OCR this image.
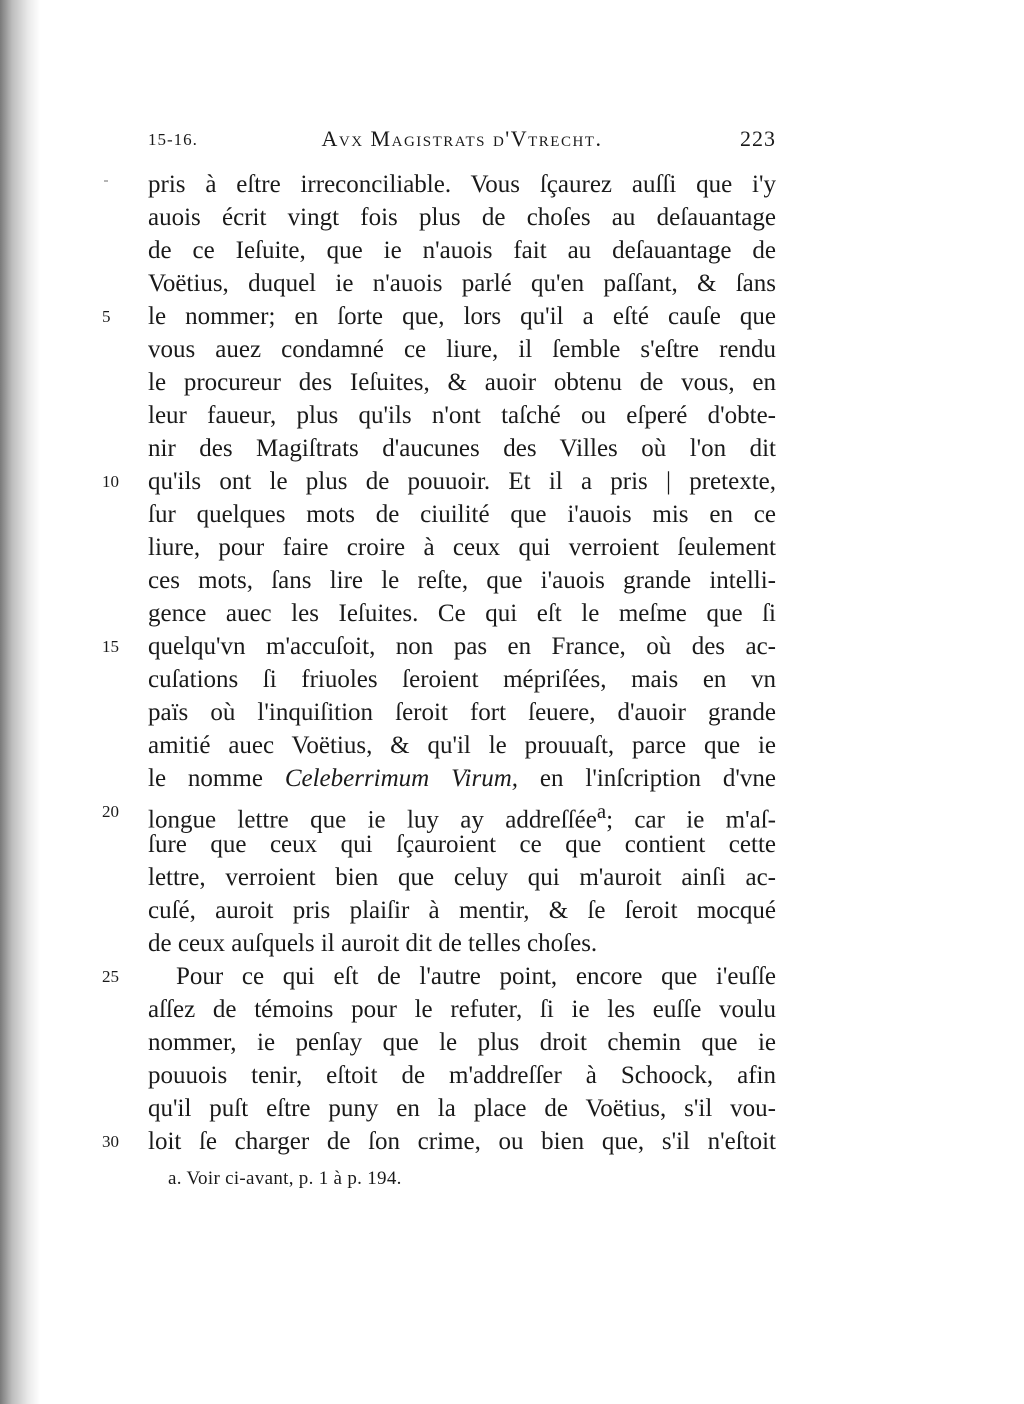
15-16.	Avx Magistrats d'Vtrecht.	223
pris à eſtre irreconciliable. Vous ſçaurez auſſi que i'y
auois écrit vingt fois plus de choſes au deſauantage
de ce Ieſuite, que ie n'auois fait au deſauantage de
Voëtius, duquel ie n'auois parlé qu'en paſſant, & ſans
5	le nommer; en ſorte que, lors qu'il a eſté cauſe que
vous auez condamné ce liure, il ſemble s'eſtre rendu
le procureur des Ieſuites, & auoir obtenu de vous, en
leur faueur, plus qu'ils n'ont taſché ou eſperé d'obte-
nir des Magiſtrats d'aucunes des Villes où l'on dit
10	qu'ils ont le plus de pouuoir. Et il a pris | pretexte,
ſur quelques mots de ciuilité que i'auois mis en ce
liure, pour faire croire à ceux qui verroient ſeulement
ces mots, ſans lire le reſte, que i'auois grande intelli-
gence auec les Ieſuites. Ce qui eſt le meſme que ſi
15	quelqu'vn m'accuſoit, non pas en France, où des ac-
cuſations ſi friuoles ſeroient mépriſées, mais en vn
païs où l'inquiſition ſeroit fort ſeuere, d'auoir grande
amitié auec Voëtius, & qu'il le prouuaſt, parce que ie
le nomme Celeberrimum Virum, en l'inſcription d'vne
20	longue lettre que ie luy ay addreſſée$^a$; car ie m'aſ-
ſure que ceux qui ſçauroient ce que contient cette
lettre, verroient bien que celuy qui m'auroit ainſi ac-
cuſé, auroit pris plaiſir à mentir, & ſe ſeroit mocqué
de ceux auſquels il auroit dit de telles choſes.
25	Pour ce qui eſt de l'autre point, encore que i'euſſe
aſſez de témoins pour le refuter, ſi ie les euſſe voulu
nommer, ie penſay que le plus droit chemin que ie
pouuois tenir, eſtoit de m'addreſſer à Schoock, afin
qu'il puſt eſtre puny en la place de Voëtius, s'il vou-
30	loit ſe charger de ſon crime, ou bien que, s'il n'eſtoit
a. Voir ci-avant, p. 1 à p. 194.
